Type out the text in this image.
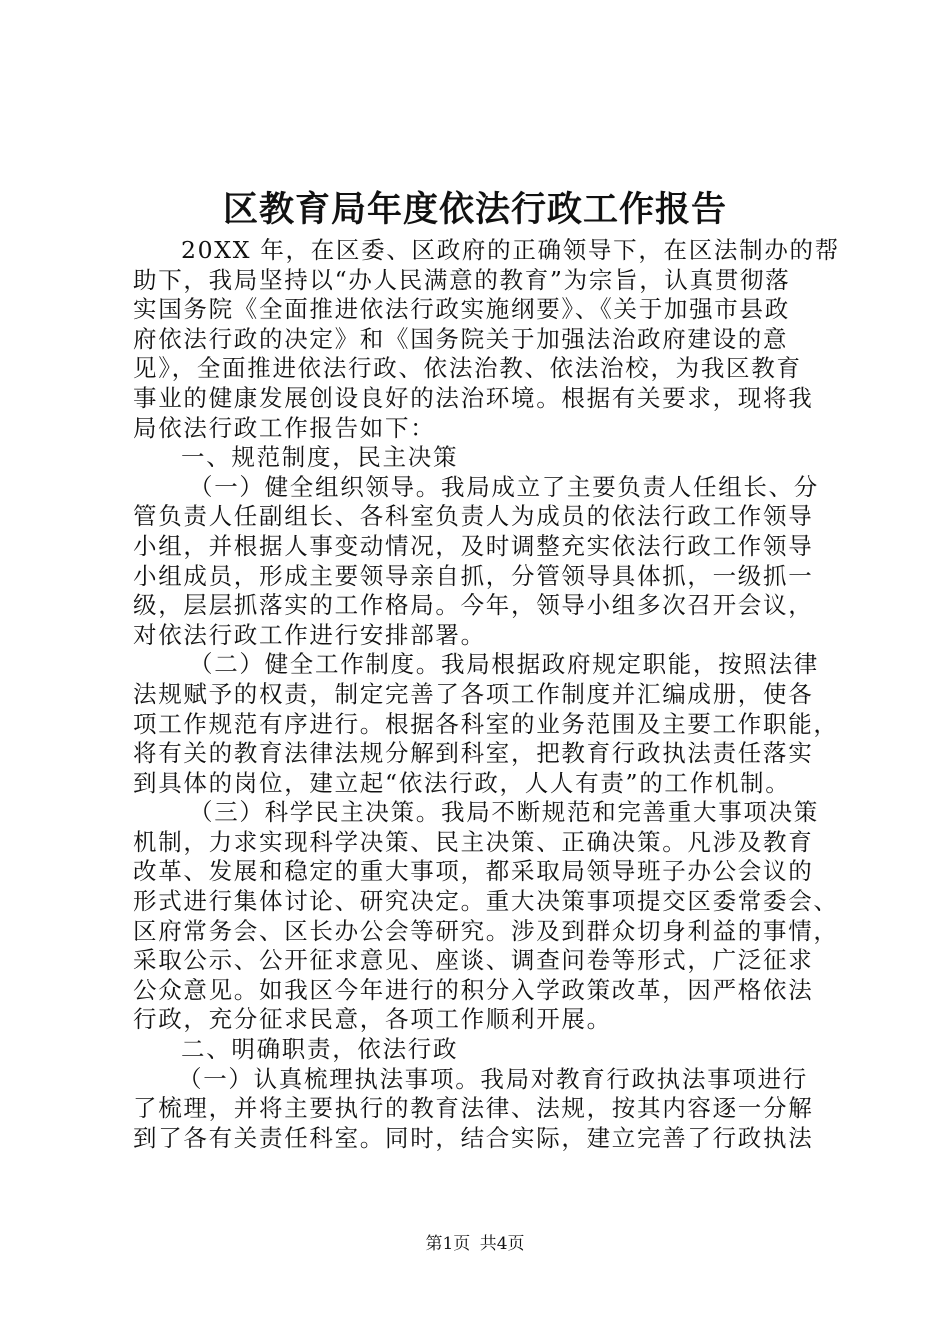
区教育局年度依法行政工作报告
20XX 年，在区委、区政府的正确领导下，在区法制办的帮
助下，我局坚持以“办人民满意的教育”为宗旨，认真贯彻落
实国务院《全面推进依法行政实施纲要》、《关于加强市县政
府依法行政的决定》和《国务院关于加强法治政府建设的意
见》，全面推进依法行政、依法治教、依法治校，为我区教育
事业的健康发展创设良好的法治环境。根据有关要求，现将我
局依法行政工作报告如下：
一、规范制度，民主决策
（一）健全组织领导。我局成立了主要负责人任组长、分
管负责人任副组长、各科室负责人为成员的依法行政工作领导
小组，并根据人事变动情况，及时调整充实依法行政工作领导
小组成员，形成主要领导亲自抓，分管领导具体抓，一级抓一
级，层层抓落实的工作格局。今年，领导小组多次召开会议，
对依法行政工作进行安排部署。
（二）健全工作制度。我局根据政府规定职能，按照法律
法规赋予的权责，制定完善了各项工作制度并汇编成册，使各
项工作规范有序进行。根据各科室的业务范围及主要工作职能，
将有关的教育法律法规分解到科室，把教育行政执法责任落实
到具体的岗位，建立起“依法行政，人人有责”的工作机制。
（三）科学民主决策。我局不断规范和完善重大事项决策
机制，力求实现科学决策、民主决策、正确决策。凡涉及教育
改革、发展和稳定的重大事项，都采取局领导班子办公会议的
形式进行集体讨论、研究决定。重大决策事项提交区委常委会、
区府常务会、区长办公会等研究。涉及到群众切身利益的事情，
采取公示、公开征求意见、座谈、调查问卷等形式，广泛征求
公众意见。如我区今年进行的积分入学政策改革，因严格依法
行政，充分征求民意，各项工作顺利开展。
二、明确职责，依法行政
（一）认真梳理执法事项。我局对教育行政执法事项进行
了梳理，并将主要执行的教育法律、法规，按其内容逐一分解
到了各有关责任科室。同时，结合实际，建立完善了行政执法
第1页 共4页
